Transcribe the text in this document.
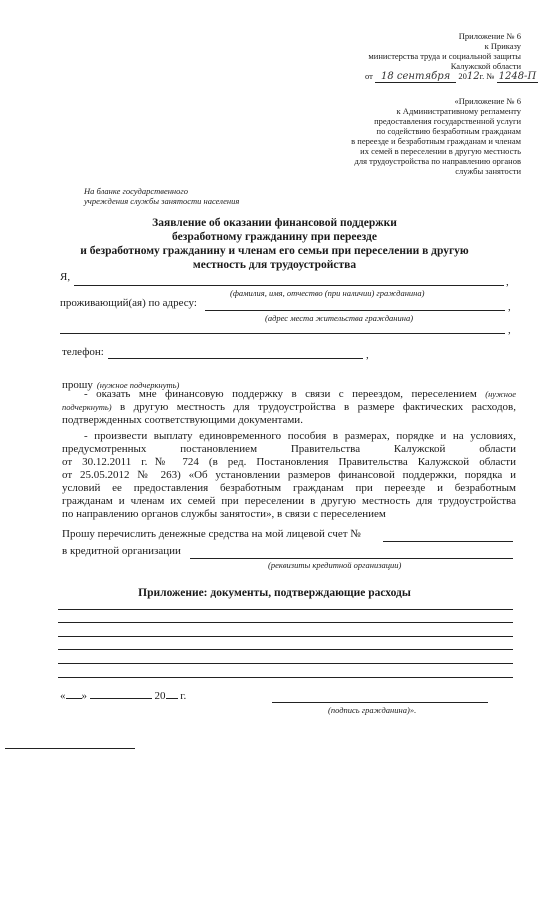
Приложение № 6
к Приказу
министерства труда и социальной защиты
Калужской области
от 18 сентября 2012г. № 1248-П
«Приложение № 6
к Административному регламенту
предоставления государственной услуги
по содействию безработным гражданам
в переезде и безработным гражданам и членам
их семей в переселении в другую местность
для трудоустройства по направлению органов
службы занятости
На бланке государственного
учреждения службы занятости населения
Заявление об оказании финансовой поддержки
безработному гражданину при переезде
и безработному гражданину и членам его семьи при переселении в другую
местность для трудоустройства
Я,	,
(фамилия, имя, отчество (при наличии) гражданина)
проживающий(ая) по адресу:	,
(адрес места жительства гражданина)
,
телефон:	,
прошу (нужное подчеркнуть)
- оказать мне финансовую поддержку в связи с переездом, переселением (нужное
подчеркнуть) в другую местность для трудоустройства в размере фактических расходов,
подтвержденных соответствующими документами.
- произвести выплату единовременного пособия в размерах, порядке и на условиях,
предусмотренных постановлением Правительства Калужской области
от 30.12.2011 г.№ 724 (в ред. Постановления Правительства Калужской области
от 25.05.2012 № 263) «Об установлении размеров финансовой поддержки, порядка и
условий ее предоставления безработным гражданам при переезде и безработным
гражданам и членам их семей при переселении в другую местность для трудоустройства
по направлению органов службы занятости», в связи с переселением
Прошу перечислить денежные средства на мой лицевой счет №
в кредитной организации
(реквизиты кредитной организации)
Приложение: документы, подтверждающие расходы
« »	20 г.
(подпись гражданина)».
